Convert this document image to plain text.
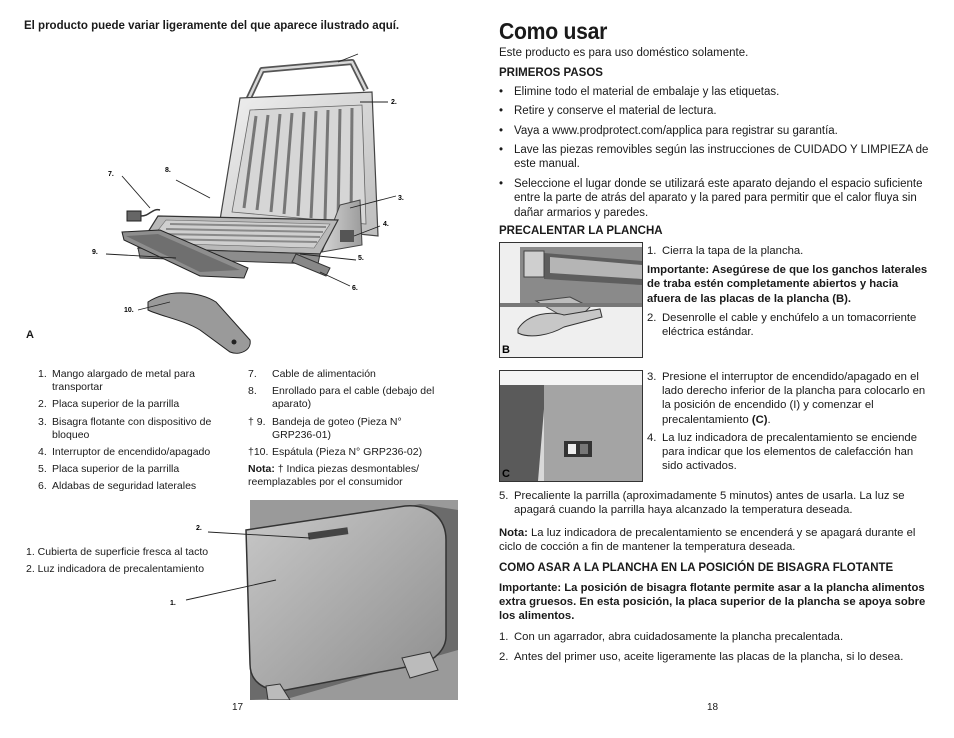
El producto puede variar ligeramente del que aparece ilustrado aquí.
2.
3.
4.
5.
6.
7.
8.
9.
10.
A
1. Mango alargado de metal para transportar
2. Placa superior de la parrilla
3. Bisagra flotante con dispositivo de bloqueo
4. Interruptor de encendido/apagado
5. Placa superior de la parrilla
6. Aldabas de seguridad laterales
7.	Cable de alimentación
8.	Enrollado para el cable (debajo del aparato)
† 9. Bandeja de goteo (Pieza N° GRP236-01)
†10. Espátula (Pieza N° GRP236-02)
Nota: † Indica piezas desmontables/ reemplazables por el consumidor
2.
1.
1. Cubierta de superficie fresca al tacto
2. Luz indicadora de precalentamiento
17
Como usar
Este producto es para uso doméstico solamente.
PRIMEROS PASOS
• Elimine todo el material de embalaje y las etiquetas.
• Retire y conserve el material de lectura.
• Vaya a www.prodprotect.com/applica para registrar su garantía.
• Lave las piezas removibles según las instrucciones de CUIDADO Y LIMPIEZA de este manual.
• Seleccione el lugar donde se utilizará este aparato dejando el espacio suficiente entre la parte de atrás del aparato y la pared para permitir que el calor fluya sin dañar armarios y paredes.
PRECALENTAR LA PLANCHA
B
1. Cierra la tapa de la plancha.
Importante: Asegúrese de que los ganchos laterales de traba estén completamente abiertos y hacia afuera de las placas de la plancha (B).
2. Desenrolle el cable y enchúfelo a un tomacorriente eléctrica estándar.
C
3. Presione el interruptor de encendido/apagado en el lado derecho inferior de la plancha para colocarlo en la posición de encendido (I) y comenzar el precalentamiento (C).
4. La luz indicadora de precalentamiento se enciende para indicar que los elementos de calefacción han sido activados.
5. Precaliente la parrilla (aproximadamente 5 minutos) antes de usarla. La luz se apagará cuando la parrilla haya alcanzado la temperatura deseada.
Nota: La luz indicadora de precalentamiento se encenderá y se apagará durante el ciclo de cocción a fin de mantener la temperatura deseada.
COMO ASAR A LA PLANCHA EN LA POSICIÓN DE BISAGRA FLOTANTE
Importante: La posición de bisagra flotante permite asar a la plancha alimentos extra gruesos. En esta posición, la placa superior de la plancha se apoya sobre los alimentos.
1. Con un agarrador, abra cuidadosamente la plancha precalentada.
2. Antes del primer uso, aceite ligeramente las placas de la plancha, si lo desea.
18
